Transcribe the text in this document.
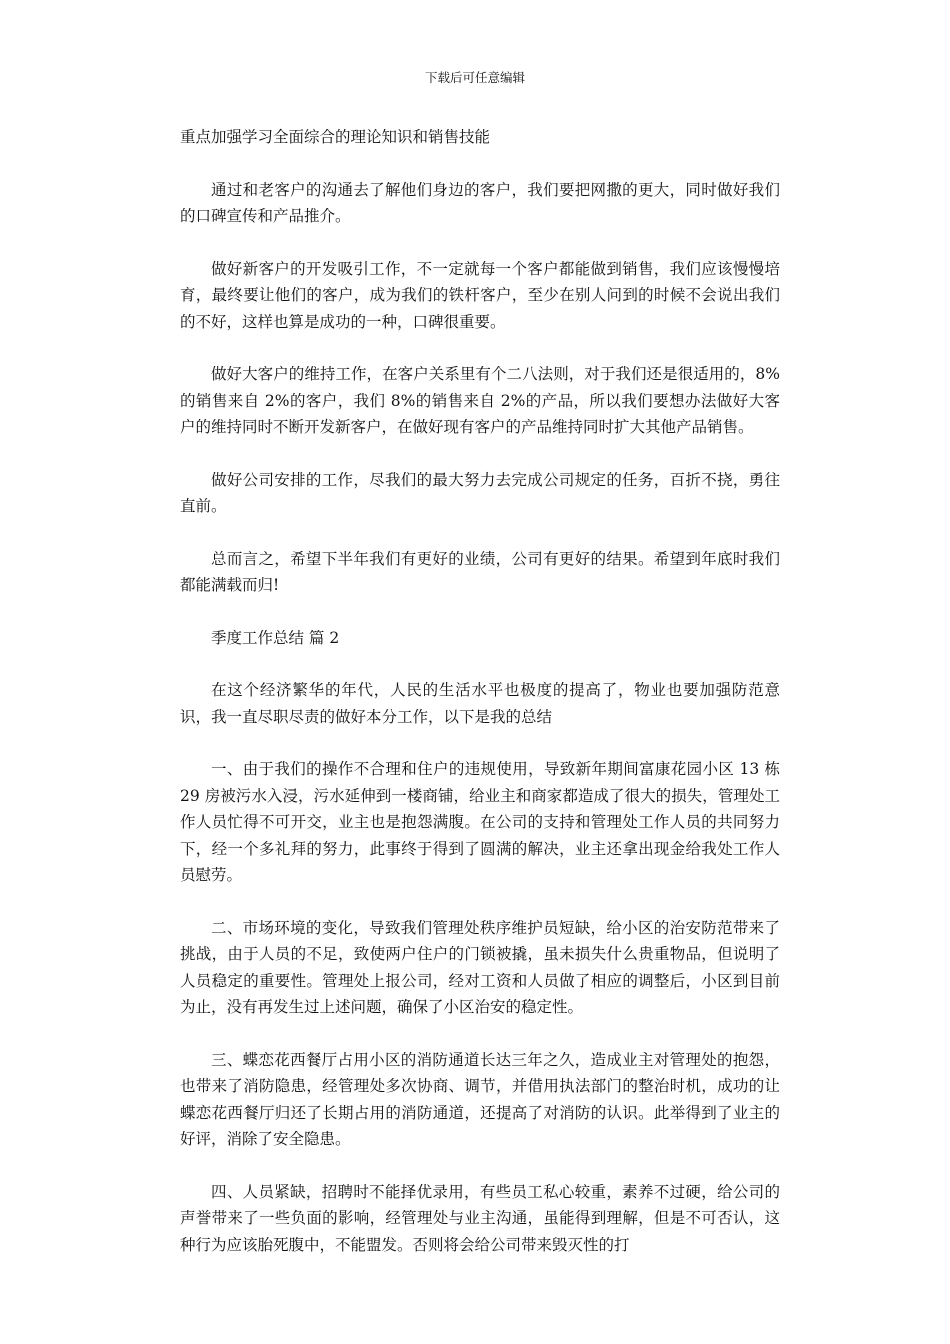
下载后可任意编辑

重点加强学习全面综合的理论知识和销售技能

通过和老客户的沟通去了解他们身边的客户，我们要把网撒的更大，同时做好我们的口碑宣传和产品推介。

做好新客户的开发吸引工作，不一定就每一个客户都能做到销售，我们应该慢慢培育，最终要让他们的客户，成为我们的铁杆客户，至少在别人问到的时候不会说出我们的不好，这样也算是成功的一种，口碑很重要。

做好大客户的维持工作，在客户关系里有个二八法则，对于我们还是很适用的，8%的销售来自 2%的客户，我们 8%的销售来自 2%的产品，所以我们要想办法做好大客户的维持同时不断开发新客户，在做好现有客户的产品维持同时扩大其他产品销售。

做好公司安排的工作，尽我们的最大努力去完成公司规定的任务，百折不挠，勇往直前。

总而言之，希望下半年我们有更好的业绩，公司有更好的结果。希望到年底时我们都能满载而归!

季度工作总结 篇 2

在这个经济繁华的年代，人民的生活水平也极度的提高了，物业也要加强防范意识，我一直尽职尽责的做好本分工作，以下是我的总结

一、由于我们的操作不合理和住户的违规使用，导致新年期间富康花园小区 13 栋 29 房被污水入浸，污水延伸到一楼商铺，给业主和商家都造成了很大的损失，管理处工作人员忙得不可开交，业主也是抱怨满腹。在公司的支持和管理处工作人员的共同努力下，经一个多礼拜的努力，此事终于得到了圆满的解决，业主还拿出现金给我处工作人员慰劳。

二、市场环境的变化，导致我们管理处秩序维护员短缺，给小区的治安防范带来了挑战，由于人员的不足，致使两户住户的门锁被撬，虽未损失什么贵重物品，但说明了人员稳定的重要性。管理处上报公司，经对工资和人员做了相应的调整后，小区到目前为止，没有再发生过上述问题，确保了小区治安的稳定性。

三、蝶恋花西餐厅占用小区的消防通道长达三年之久，造成业主对管理处的抱怨，也带来了消防隐患，经管理处多次协商、调节，并借用执法部门的整治时机，成功的让蝶恋花西餐厅归还了长期占用的消防通道，还提高了对消防的认识。此举得到了业主的好评，消除了安全隐患。

四、人员紧缺，招聘时不能择优录用，有些员工私心较重，素养不过硬，给公司的声誉带来了一些负面的影响，经管理处与业主沟通，虽能得到理解，但是不可否认，这种行为应该胎死腹中，不能盟发。否则将会给公司带来毁灭性的打
